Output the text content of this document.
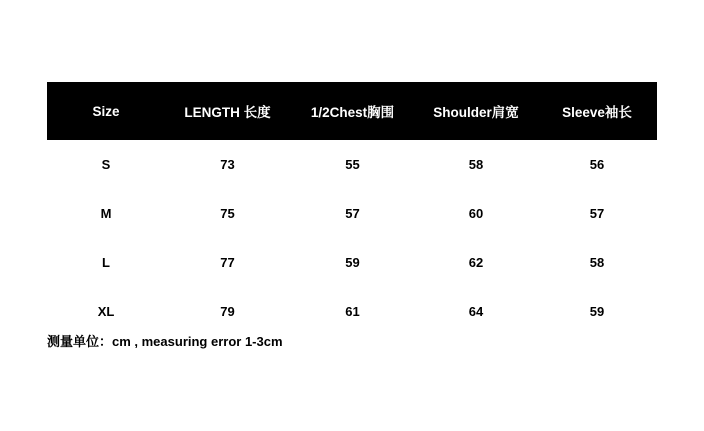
Size	LENGTH 长度	1/2Chest胸围	Shoulder肩宽	Sleeve袖长
S	73	55	58	56
M	75	57	60	57
L	77	59	62	58
XL	79	61	64	59
测量单位：cm , measuring error 1-3cm
